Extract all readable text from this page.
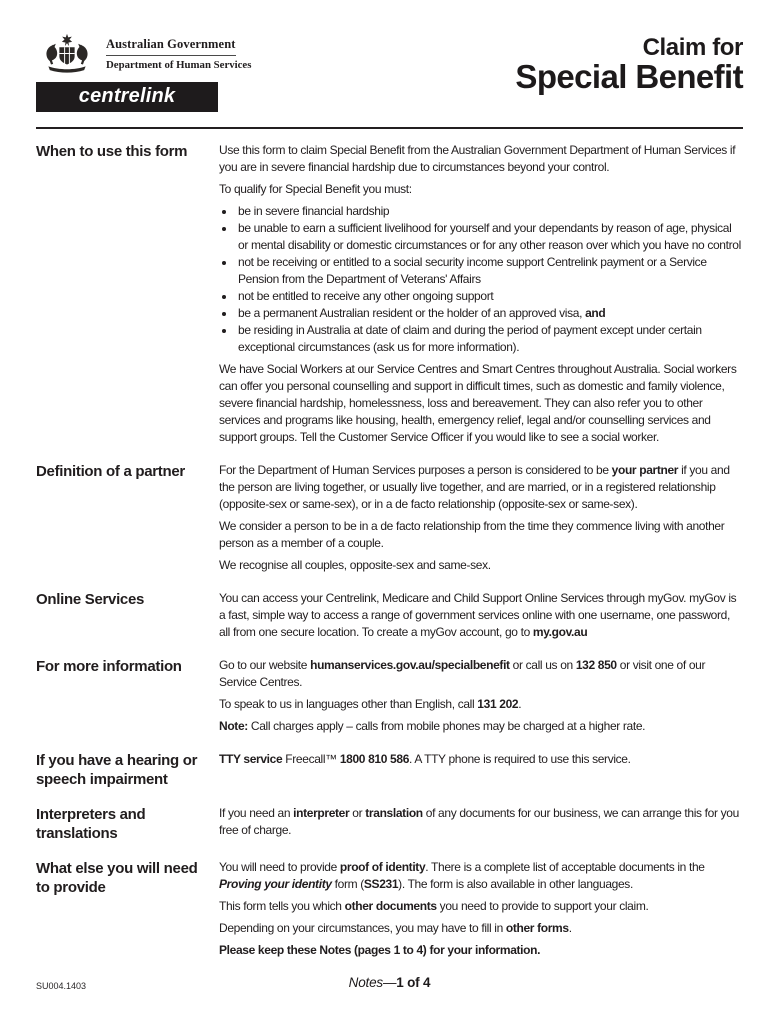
Australian Government
Department of Human Services
centrelink
Claim for
Special Benefit
When to use this form	Use this form to claim Special Benefit from the Australian Government Department of Human Services if you are in severe financial hardship due to circumstances beyond your control.

To qualify for Special Benefit you must:

• be in severe financial hardship
• be unable to earn a sufficient livelihood for yourself and your dependants by reason of age, physical or mental disability or domestic circumstances or for any other reason over which you have no control
• not be receiving or entitled to a social security income support Centrelink payment or a Service Pension from the Department of Veterans' Affairs
• not be entitled to receive any other ongoing support
• be a permanent Australian resident or the holder of an approved visa, and
• be residing in Australia at date of claim and during the period of payment except under certain exceptional circumstances (ask us for more information).

We have Social Workers at our Service Centres and Smart Centres throughout Australia. Social workers can offer you personal counselling and support in difficult times, such as domestic and family violence, severe financial hardship, homelessness, loss and bereavement. They can also refer you to other services and programs like housing, health, emergency relief, legal and/or counselling services and support groups. Tell the Customer Service Officer if you would like to see a social worker.

Definition of a partner	For the Department of Human Services purposes a person is considered to be your partner if you and the person are living together, or usually live together, and are married, or in a registered relationship (opposite-sex or same-sex), or in a de facto relationship (opposite-sex or same-sex).

We consider a person to be in a de facto relationship from the time they commence living with another person as a member of a couple.

We recognise all couples, opposite-sex and same-sex.

Online Services	You can access your Centrelink, Medicare and Child Support Online Services through myGov. myGov is a fast, simple way to access a range of government services online with one username, one password, all from one secure location. To create a myGov account, go to my.gov.au

For more information	Go to our website humanservices.gov.au/specialbenefit or call us on 132 850 or visit one of our Service Centres.

To speak to us in languages other than English, call 131 202.

Note: Call charges apply – calls from mobile phones may be charged at a higher rate.

If you have a hearing or speech impairment

TTY service Freecall™ 1800 810 586. A TTY phone is required to use this service.

Interpreters and translations

If you need an interpreter or translation of any documents for our business, we can arrange this for you free of charge.

What else you will need to provide

You will need to provide proof of identity. There is a complete list of acceptable documents in the Proving your identity form (SS231). The form is also available in other languages.

This form tells you which other documents you need to provide to support your claim.

Depending on your circumstances, you may have to fill in other forms.

Please keep these Notes (pages 1 to 4) for your information.

SU004.1403	Notes—1 of 4
